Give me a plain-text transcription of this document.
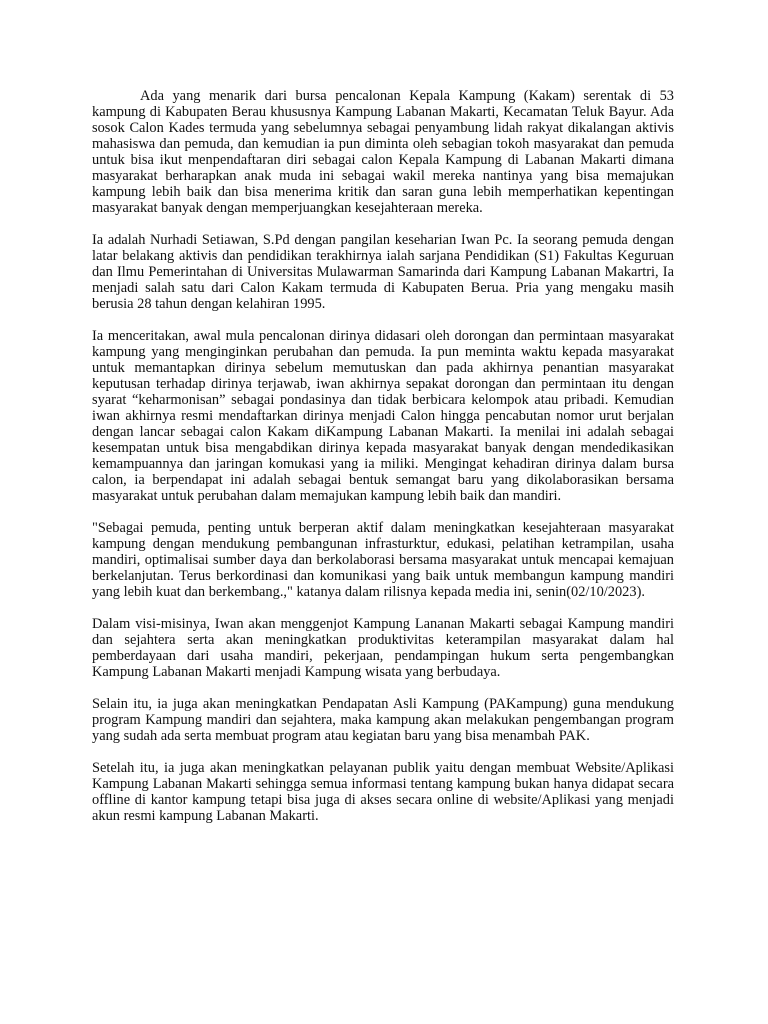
Ada yang menarik dari bursa pencalonan Kepala Kampung (Kakam) serentak di 53 kampung di Kabupaten Berau khususnya Kampung Labanan Makarti, Kecamatan Teluk Bayur. Ada sosok Calon Kades termuda yang sebelumnya sebagai penyambung lidah rakyat dikalangan aktivis mahasiswa dan pemuda, dan kemudian ia pun diminta oleh sebagian tokoh masyarakat dan pemuda untuk bisa ikut menpendaftaran diri sebagai calon Kepala Kampung di Labanan Makarti dimana masyarakat berharapkan anak muda ini sebagai wakil mereka nantinya yang bisa memajukan kampung lebih baik dan bisa menerima kritik dan saran guna lebih memperhatikan kepentingan masyarakat banyak dengan memperjuangkan kesejahteraan mereka.

Ia adalah Nurhadi Setiawan, S.Pd dengan pangilan keseharian Iwan Pc. Ia seorang pemuda dengan latar belakang aktivis dan pendidikan terakhirnya ialah sarjana Pendidikan (S1) Fakultas Keguruan dan Ilmu Pemerintahan di Universitas Mulawarman Samarinda dari Kampung Labanan Makartri, Ia menjadi salah satu dari Calon Kakam termuda di Kabupaten Berua. Pria yang mengaku masih berusia 28 tahun dengan kelahiran 1995.

Ia menceritakan, awal mula pencalonan dirinya didasari oleh dorongan dan permintaan masyarakat kampung yang menginginkan perubahan dan pemuda. Ia pun meminta waktu kepada masyarakat untuk memantapkan dirinya sebelum memutuskan dan pada akhirnya penantian masyarakat keputusan terhadap dirinya terjawab, iwan akhirnya sepakat dorongan dan permintaan itu dengan syarat “keharmonisan” sebagai pondasinya dan tidak berbicara kelompok atau pribadi. Kemudian iwan akhirnya resmi mendaftarkan dirinya menjadi Calon hingga pencabutan nomor urut berjalan dengan lancar sebagai calon Kakam diKampung Labanan Makarti. Ia menilai ini adalah sebagai kesempatan untuk bisa mengabdikan dirinya kepada masyarakat banyak dengan mendedikasikan kemampuannya dan jaringan komukasi yang ia miliki. Mengingat kehadiran dirinya dalam bursa calon, ia berpendapat ini adalah sebagai bentuk semangat baru yang dikolaborasikan bersama masyarakat untuk perubahan dalam memajukan kampung lebih baik dan mandiri.

"Sebagai pemuda, penting untuk berperan aktif dalam meningkatkan kesejahteraan masyarakat kampung dengan mendukung pembangunan infrasturktur, edukasi, pelatihan ketrampilan, usaha mandiri, optimalisai sumber daya dan berkolaborasi bersama masyarakat untuk mencapai kemajuan berkelanjutan. Terus berkordinasi dan komunikasi yang baik untuk membangun kampung mandiri yang lebih kuat dan berkembang.," katanya dalam rilisnya kepada media ini, senin(02/10/2023).

Dalam visi-misinya, Iwan akan menggenjot Kampung Lananan Makarti sebagai Kampung mandiri dan sejahtera serta akan meningkatkan produktivitas keterampilan masyarakat dalam hal pemberdayaan dari usaha mandiri, pekerjaan, pendampingan hukum serta pengembangkan Kampung Labanan Makarti menjadi Kampung wisata yang berbudaya.

Selain itu, ia juga akan meningkatkan Pendapatan Asli Kampung (PAKampung) guna mendukung program Kampung mandiri dan sejahtera, maka kampung akan melakukan pengembangan program yang sudah ada serta membuat program atau kegiatan baru yang bisa menambah PAK.

Setelah itu, ia juga akan meningkatkan pelayanan publik yaitu dengan membuat Website/Aplikasi Kampung Labanan Makarti sehingga semua informasi tentang kampung bukan hanya didapat secara offline di kantor kampung tetapi bisa juga di akses secara online di website/Aplikasi yang menjadi akun resmi kampung Labanan Makarti.
